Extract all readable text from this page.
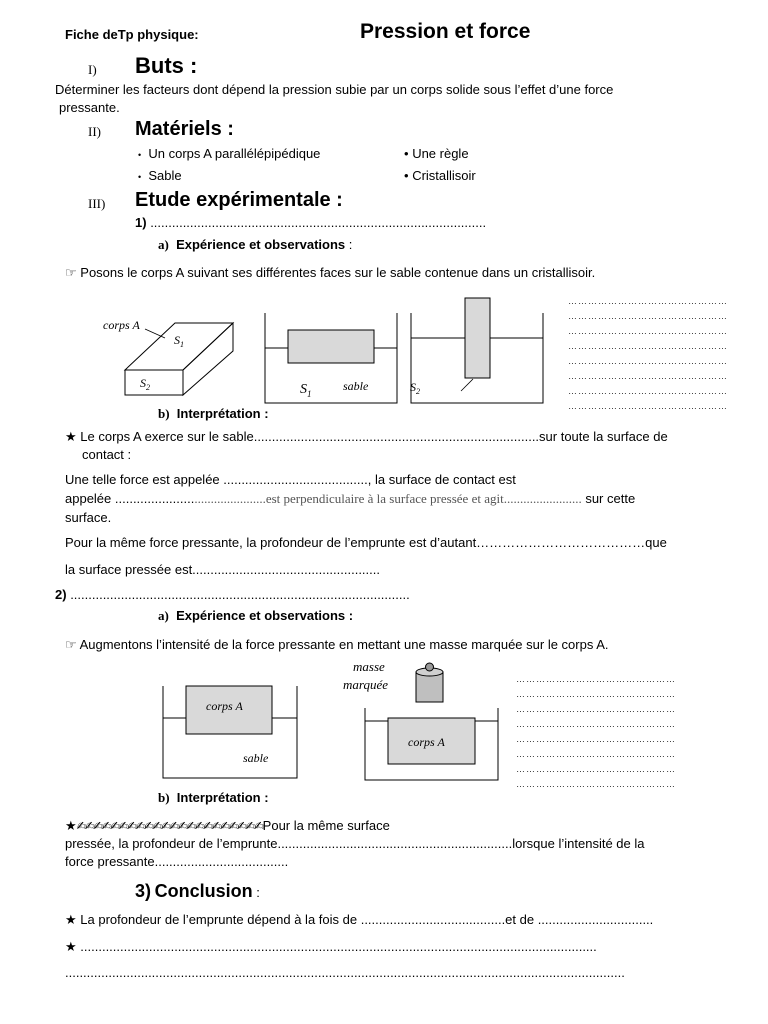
Fiche deTp physique:	Pression et force
I) Buts :
Déterminer les facteurs dont dépend la pression subie par un corps solide sous l’effet d’une force
pressante.
II) Matériels :
• Un corps A parallélépipédique
• Sable
• Une règle
• Cristallisoir
III) Etude expérimentale :
1) .............................................................................................
a) Expérience et observations :
☞ Posons le corps A suivant ses différentes faces sur le sable contenue dans un cristallisoir.
corps A
$S_1$
$S_2$	$S_1$
sable	$S_2$
…………………………………………
…………………………………………
…………………………………………
…………………………………………
…………………………………………
…………………………………………
…………………………………………
…………………………………………
b) Interprétation :
★ Le corps A exerce sur le sable...............................................................................sur toute la surface de
contact :
Une telle force est appelée ........................................, la surface de contact est
appelée ............................................est perpendiculaire à la surface pressée et agit........................ sur cette
surface.
Pour la même force pressante, la profondeur de l’emprunte est d’autant…………………………………que
la surface pressée est....................................................
2) ..............................................................................................
a) Expérience et observations :
☞ Augmentons l’intensité de la force pressante en mettant une masse marquée sur le corps A.
corps A
sable
masse
marquée
corps A
…………………………………………
…………………………………………
…………………………………………
…………………………………………
…………………………………………
…………………………………………
…………………………………………
…………………………………………
b) Interprétation :
★✍✍✍✍✍✍✍✍✍✍✍✍✍✍✍✍✍✍✍✍✍✍Pour la même surface
pressée, la profondeur de l’emprunte.................................................................lorsque l’intensité de la
force pressante.....................................
3) Conclusion :
★ La profondeur de l’emprunte dépend à la fois de ........................................et de ................................
★ ...............................................................................................................................................
...........................................................................................................................................................
